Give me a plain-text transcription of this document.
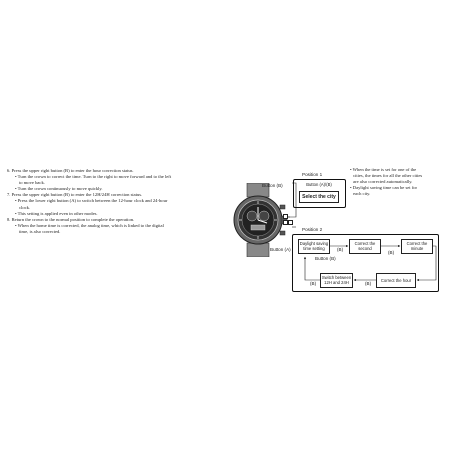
6. Press the upper right button (B) to enter the hour correction status.
• Turn the crown to correct the time. Turn to the right to move forward and to the left
to move back.
• Turn the crown continuously to move quickly.
7. Press the upper right button (B) to enter the 12H/24H correction status.
• Press the lower right button (A) to switch between the 12-hour clock and 24-hour
clock.
• This setting is applied even in other modes.
8. Return the crown to the normal position to complete the operation.
• When the home time is corrected, the analog time, which is linked to the digital
time, is also corrected.
• When the time is set for one of the
cities, the times for all the other cities
are also corrected automatically.
• Daylight saving time can be set for
each city.
Button (B)
Button (A)
Position 1
Button (A)/(B)
Select the city
Position 2
Daylight saving
time setting
Correct the
second
Correct the
minute
Switch between
12H and 24H	Correct the hour
(B)
(B)
(B)
(B)
Button (B)
